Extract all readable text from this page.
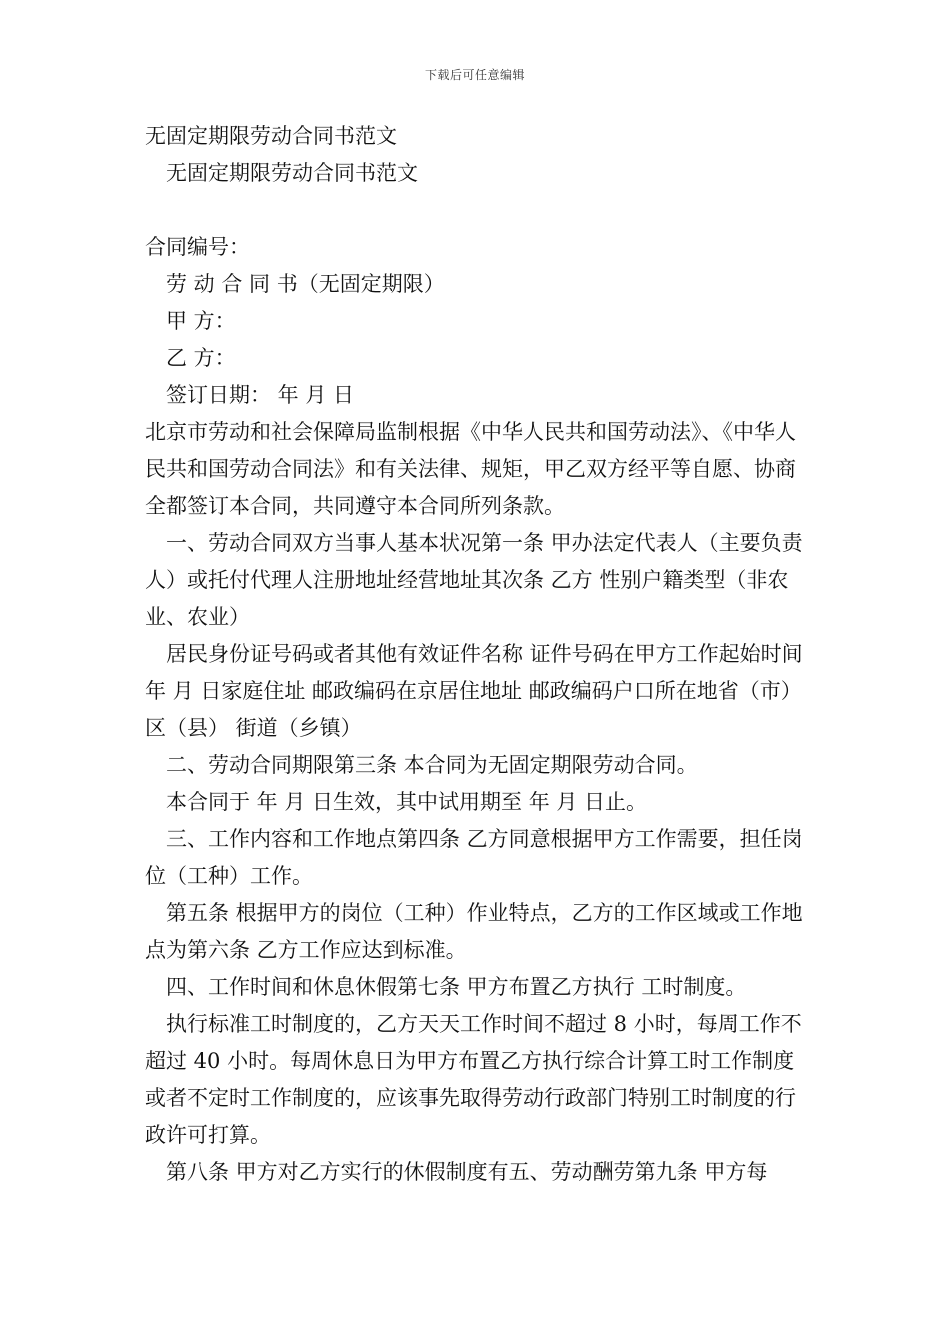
下载后可任意编辑
无固定期限劳动合同书范文
无固定期限劳动合同书范文
合同编号：
劳 动 合 同 书（无固定期限）
甲 方：
乙 方：
签订日期： 年 月 日
北京市劳动和社会保障局监制根据《中华人民共和国劳动法》、《中华人民共和国劳动合同法》和有关法律、规矩，甲乙双方经平等自愿、协商全都签订本合同，共同遵守本合同所列条款。
一、劳动合同双方当事人基本状况第一条 甲办法定代表人（主要负责人）或托付代理人注册地址经营地址其次条 乙方 性别户籍类型（非农业、农业）
居民身份证号码或者其他有效证件名称 证件号码在甲方工作起始时间 年 月 日家庭住址 邮政编码在京居住地址 邮政编码户口所在地省（市） 区（县） 街道（乡镇）
二、劳动合同期限第三条 本合同为无固定期限劳动合同。
本合同于 年 月 日生效，其中试用期至 年 月 日止。
三、工作内容和工作地点第四条 乙方同意根据甲方工作需要，担任岗位（工种）工作。
第五条 根据甲方的岗位（工种）作业特点，乙方的工作区域或工作地点为第六条 乙方工作应达到标准。
四、工作时间和休息休假第七条 甲方布置乙方执行 工时制度。
执行标准工时制度的，乙方天天工作时间不超过 8 小时，每周工作不超过 40 小时。每周休息日为甲方布置乙方执行综合计算工时工作制度或者不定时工作制度的，应该事先取得劳动行政部门特别工时制度的行政许可打算。
第八条 甲方对乙方实行的休假制度有五、劳动酬劳第九条 甲方每
